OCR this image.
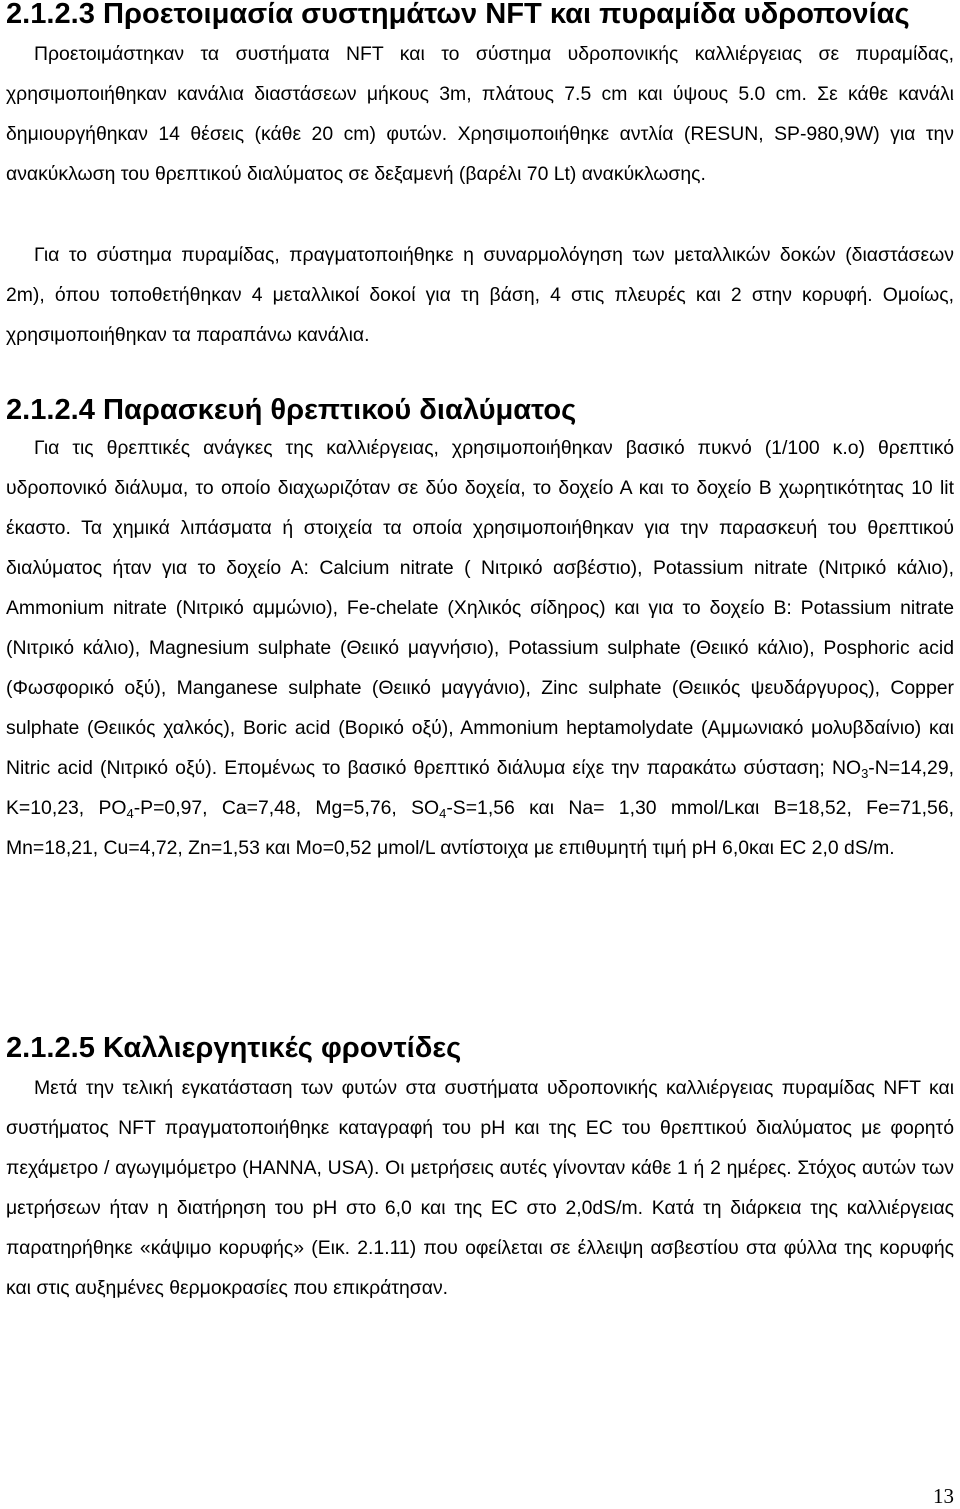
2.1.2.3 Προετοιμασία συστημάτων NFT και πυραμίδα υδροπονίας

Προετοιμάστηκαν τα συστήματα NFT και το σύστημα υδροπονικής καλλιέργειας σε πυραμίδας, χρησιμοποιήθηκαν κανάλια διαστάσεων μήκους 3m, πλάτους 7.5 cm και ύψους 5.0 cm. Σε κάθε κανάλι δημιουργήθηκαν 14 θέσεις (κάθε 20 cm) φυτών. Χρησιμοποιήθηκε αντλία (RESUN, SP-980,9W) για την ανακύκλωση του θρεπτικού διαλύματος σε δεξαμενή (βαρέλι 70 Lt) ανακύκλωσης.

Για το σύστημα πυραμίδας, πραγματοποιήθηκε η συναρμολόγηση των μεταλλικών δοκών (διαστάσεων 2m), όπου τοποθετήθηκαν 4 μεταλλικοί δοκοί για τη βάση, 4 στις πλευρές και 2 στην κορυφή. Ομοίως, χρησιμοποιήθηκαν τα παραπάνω κανάλια.

2.1.2.4 Παρασκευή θρεπτικού διαλύματος

Για τις θρεπτικές ανάγκες της καλλιέργειας, χρησιμοποιήθηκαν βασικό πυκνό (1/100 κ.ο) θρεπτικό υδροπονικό διάλυμα, το οποίο διαχωριζόταν σε δύο δοχεία, το δοχείο Α και το δοχείο Β χωρητικότητας 10 lit έκαστο. Τα χημικά λιπάσματα ή στοιχεία τα οποία χρησιμοποιήθηκαν για την παρασκευή του θρεπτικού διαλύματος ήταν για το δοχείο Α: Calcium nitrate ( Νιτρικό ασβέστιο), Potassium nitrate (Νιτρικό κάλιο), Ammonium nitrate (Νιτρικό αμμώνιο), Fe-chelate (Χηλικός σίδηρος) και για το δοχείο Β: Potassium nitrate (Νιτρικό κάλιο), Magnesium sulphate (Θειικό μαγνήσιο), Potassium sulphate (Θειικό κάλιο), Posphoric acid (Φωσφορικό οξύ), Manganese sulphate (Θειικό μαγγάνιο), Zinc sulphate (Θειικός ψευδάργυρος), Copper sulphate (Θειικός χαλκός), Boric acid (Βορικό οξύ), Ammonium heptamolydate (Αμμωνιακό μολυβδαίνιο) και Nitric acid (Νιτρικό οξύ). Επομένως το βασικό θρεπτικό διάλυμα είχε την παρακάτω σύσταση; $NO_3-N=14,29$, K=10,23, $PO_4-P=0,97$, Ca=7,48, Mg=5,76, $SO_4-S=1,56$ και Na= 1,30 mmol/Lκαι B=18,52, Fe=71,56, Mn=18,21, Cu=4,72, Zn=1,53 και Mo=0,52 μmol/L αντίστοιχα με επιθυμητή τιμή pH 6,0και EC 2,0 dS/m.

2.1.2.5 Καλλιεργητικές φροντίδες

Μετά την τελική εγκατάσταση των φυτών στα συστήματα υδροπονικής καλλιέργειας πυραμίδας NFT και συστήματος NFT πραγματοποιήθηκε καταγραφή του pH και της EC του θρεπτικού διαλύματος με φορητό πεχάμετρο / αγωγιμόμετρο (HANNA, USA). Οι μετρήσεις αυτές γίνονταν κάθε 1 ή 2 ημέρες. Στόχος αυτών των μετρήσεων ήταν η διατήρηση του pH στο 6,0 και της EC στο 2,0dS/m. Κατά τη διάρκεια της καλλιέργειας παρατηρήθηκε «κάψιμο κορυφής» (Εικ. 2.1.11) που οφείλεται σε έλλειψη ασβεστίου στα φύλλα της κορυφής και στις αυξημένες θερμοκρασίες που επικράτησαν.

13
